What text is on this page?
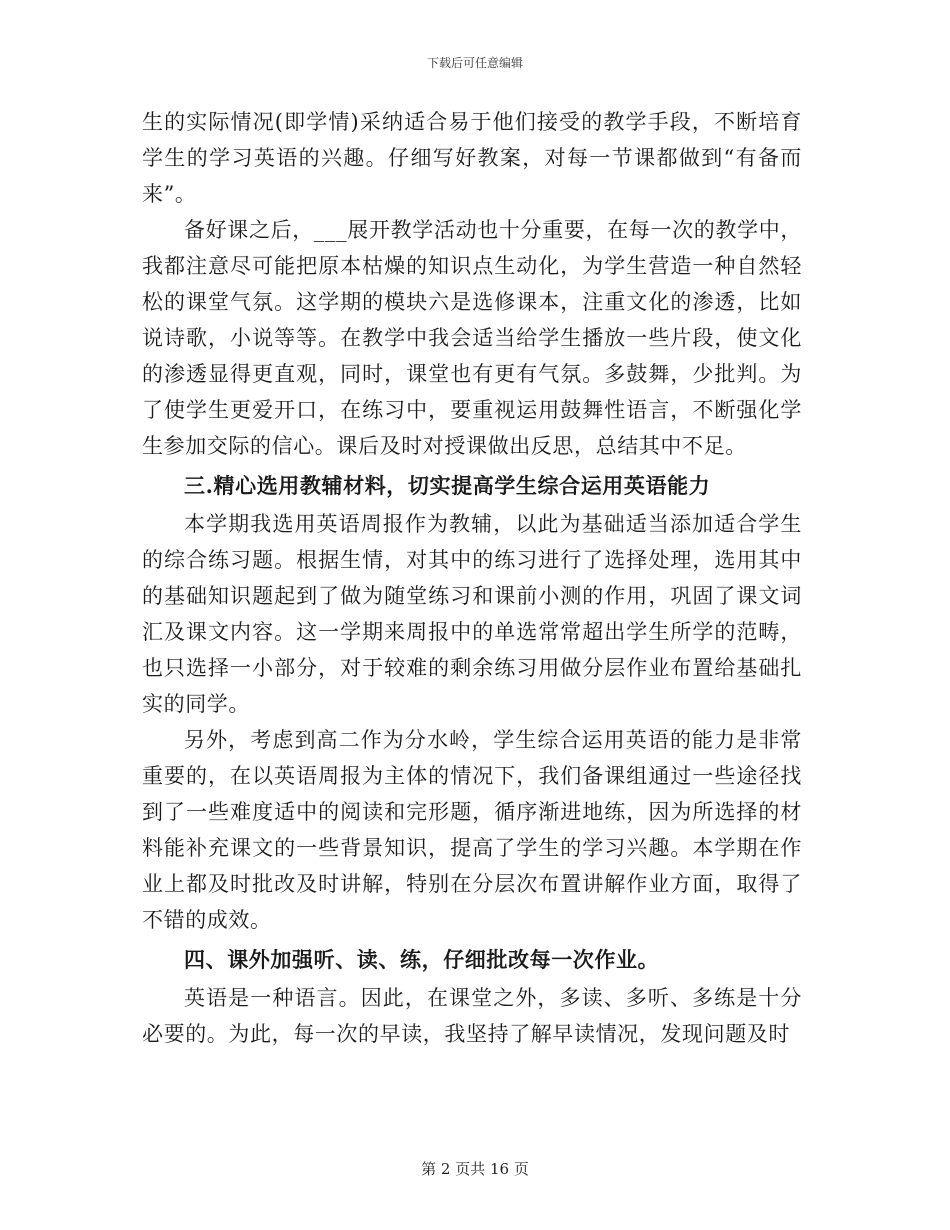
下载后可任意编辑

生的实际情况(即学情)采纳适合易于他们接受的教学手段，不断培育学生的学习英语的兴趣。仔细写好教案，对每一节课都做到“有备而来”。

备好课之后，___展开教学活动也十分重要，在每一次的教学中，我都注意尽可能把原本枯燥的知识点生动化，为学生营造一种自然轻松的课堂气氛。这学期的模块六是选修课本，注重文化的渗透，比如说诗歌，小说等等。在教学中我会适当给学生播放一些片段，使文化的渗透显得更直观，同时，课堂也有更有气氛。多鼓舞，少批判。为了使学生更爱开口，在练习中，要重视运用鼓舞性语言，不断强化学生参加交际的信心。课后及时对授课做出反思，总结其中不足。

三.精心选用教辅材料，切实提高学生综合运用英语能力

本学期我选用英语周报作为教辅，以此为基础适当添加适合学生的综合练习题。根据生情，对其中的练习进行了选择处理，选用其中的基础知识题起到了做为随堂练习和课前小测的作用，巩固了课文词汇及课文内容。这一学期来周报中的单选常常超出学生所学的范畴，也只选择一小部分，对于较难的剩余练习用做分层作业布置给基础扎实的同学。

另外，考虑到高二作为分水岭，学生综合运用英语的能力是非常重要的，在以英语周报为主体的情况下，我们备课组通过一些途径找到了一些难度适中的阅读和完形题，循序渐进地练，因为所选择的材料能补充课文的一些背景知识，提高了学生的学习兴趣。本学期在作业上都及时批改及时讲解，特别在分层次布置讲解作业方面，取得了不错的成效。

四、课外加强听、读、练，仔细批改每一次作业。

英语是一种语言。因此，在课堂之外，多读、多听、多练是十分必要的。为此，每一次的早读，我坚持了解早读情况，发现问题及时

第 2 页共 16 页
